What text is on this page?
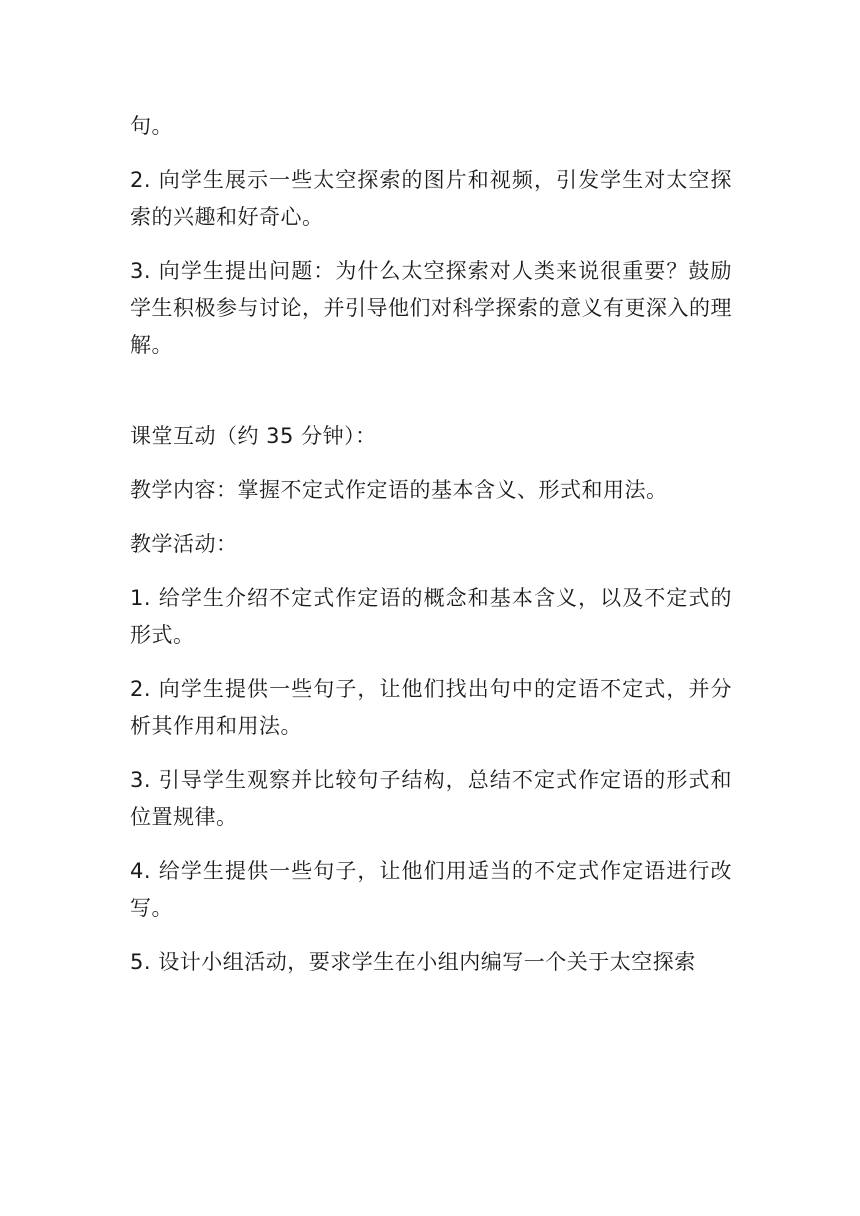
句。

2. 向学生展示一些太空探索的图片和视频，引发学生对太空探索的兴趣和好奇心。

3. 向学生提出问题：为什么太空探索对人类来说很重要？鼓励学生积极参与讨论，并引导他们对科学探索的意义有更深入的理解。

课堂互动（约 35 分钟）：

教学内容：掌握不定式作定语的基本含义、形式和用法。

教学活动：

1. 给学生介绍不定式作定语的概念和基本含义，以及不定式的形式。

2. 向学生提供一些句子，让他们找出句中的定语不定式，并分析其作用和用法。

3. 引导学生观察并比较句子结构，总结不定式作定语的形式和位置规律。

4. 给学生提供一些句子，让他们用适当的不定式作定语进行改写。

5. 设计小组活动，要求学生在小组内编写一个关于太空探索
